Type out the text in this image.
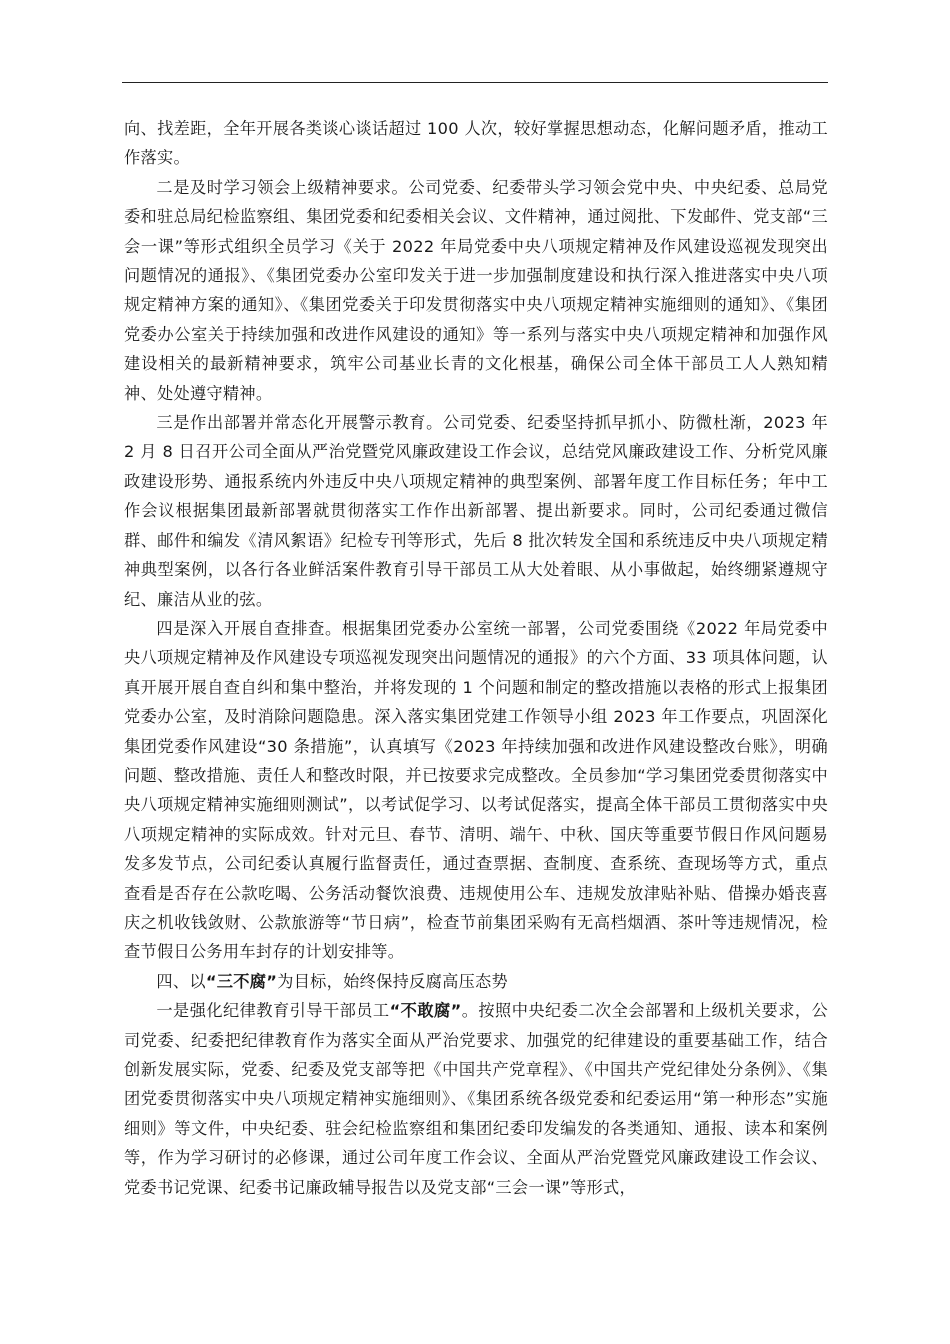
向、找差距，全年开展各类谈心谈话超过 100 人次，较好掌握思想动态，化解问题矛盾，推动工作落实。

二是及时学习领会上级精神要求。公司党委、纪委带头学习领会党中央、中央纪委、总局党委和驻总局纪检监察组、集团党委和纪委相关会议、文件精神，通过阅批、下发邮件、党支部“三会一课”等形式组织全员学习《关于 2022 年局党委中央八项规定精神及作风建设巡视发现突出问题情况的通报》、《集团党委办公室印发关于进一步加强制度建设和执行深入推进落实中央八项规定精神方案的通知》、《集团党委关于印发贯彻落实中央八项规定精神实施细则的通知》、《集团党委办公室关于持续加强和改进作风建设的通知》等一系列与落实中央八项规定精神和加强作风建设相关的最新精神要求，筑牢公司基业长青的文化根基，确保公司全体干部员工人人熟知精神、处处遵守精神。

三是作出部署并常态化开展警示教育。公司党委、纪委坚持抓早抓小、防微杜渐，2023 年 2 月 8 日召开公司全面从严治党暨党风廉政建设工作会议，总结党风廉政建设工作、分析党风廉政建设形势、通报系统内外违反中央八项规定精神的典型案例、部署年度工作目标任务；年中工作会议根据集团最新部署就贯彻落实工作作出新部署、提出新要求。同时，公司纪委通过微信群、邮件和编发《清风絮语》纪检专刊等形式，先后 8 批次转发全国和系统违反中央八项规定精神典型案例，以各行各业鲜活案件教育引导干部员工从大处着眼、从小事做起，始终绷紧遵规守纪、廉洁从业的弦。

四是深入开展自查排查。根据集团党委办公室统一部署，公司党委围绕《2022 年局党委中央八项规定精神及作风建设专项巡视发现突出问题情况的通报》的六个方面、33 项具体问题，认真开展开展自查自纠和集中整治，并将发现的 1 个问题和制定的整改措施以表格的形式上报集团党委办公室，及时消除问题隐患。深入落实集团党建工作领导小组 2023 年工作要点，巩固深化集团党委作风建设“30 条措施”，认真填写《2023 年持续加强和改进作风建设整改台账》，明确问题、整改措施、责任人和整改时限，并已按要求完成整改。全员参加“学习集团党委贯彻落实中央八项规定精神实施细则测试”，以考试促学习、以考试促落实，提高全体干部员工贯彻落实中央八项规定精神的实际成效。针对元旦、春节、清明、端午、中秋、国庆等重要节假日作风问题易发多发节点，公司纪委认真履行监督责任，通过查票据、查制度、查系统、查现场等方式，重点查看是否存在公款吃喝、公务活动餐饮浪费、违规使用公车、违规发放津贴补贴、借操办婚丧喜庆之机收钱敛财、公款旅游等“节日病”，检查节前集团采购有无高档烟酒、茶叶等违规情况，检查节假日公务用车封存的计划安排等。

四、以“三不腐”为目标，始终保持反腐高压态势

一是强化纪律教育引导干部员工“不敢腐”。按照中央纪委二次全会部署和上级机关要求，公司党委、纪委把纪律教育作为落实全面从严治党要求、加强党的纪律建设的重要基础工作，结合创新发展实际，党委、纪委及党支部等把《中国共产党章程》、《中国共产党纪律处分条例》、《集团党委贯彻落实中央八项规定精神实施细则》、《集团系统各级党委和纪委运用“第一种形态”实施细则》等文件，中央纪委、驻会纪检监察组和集团纪委印发编发的各类通知、通报、读本和案例等，作为学习研讨的必修课，通过公司年度工作会议、全面从严治党暨党风廉政建设工作会议、党委书记党课、纪委书记廉政辅导报告以及党支部“三会一课”等形式，
